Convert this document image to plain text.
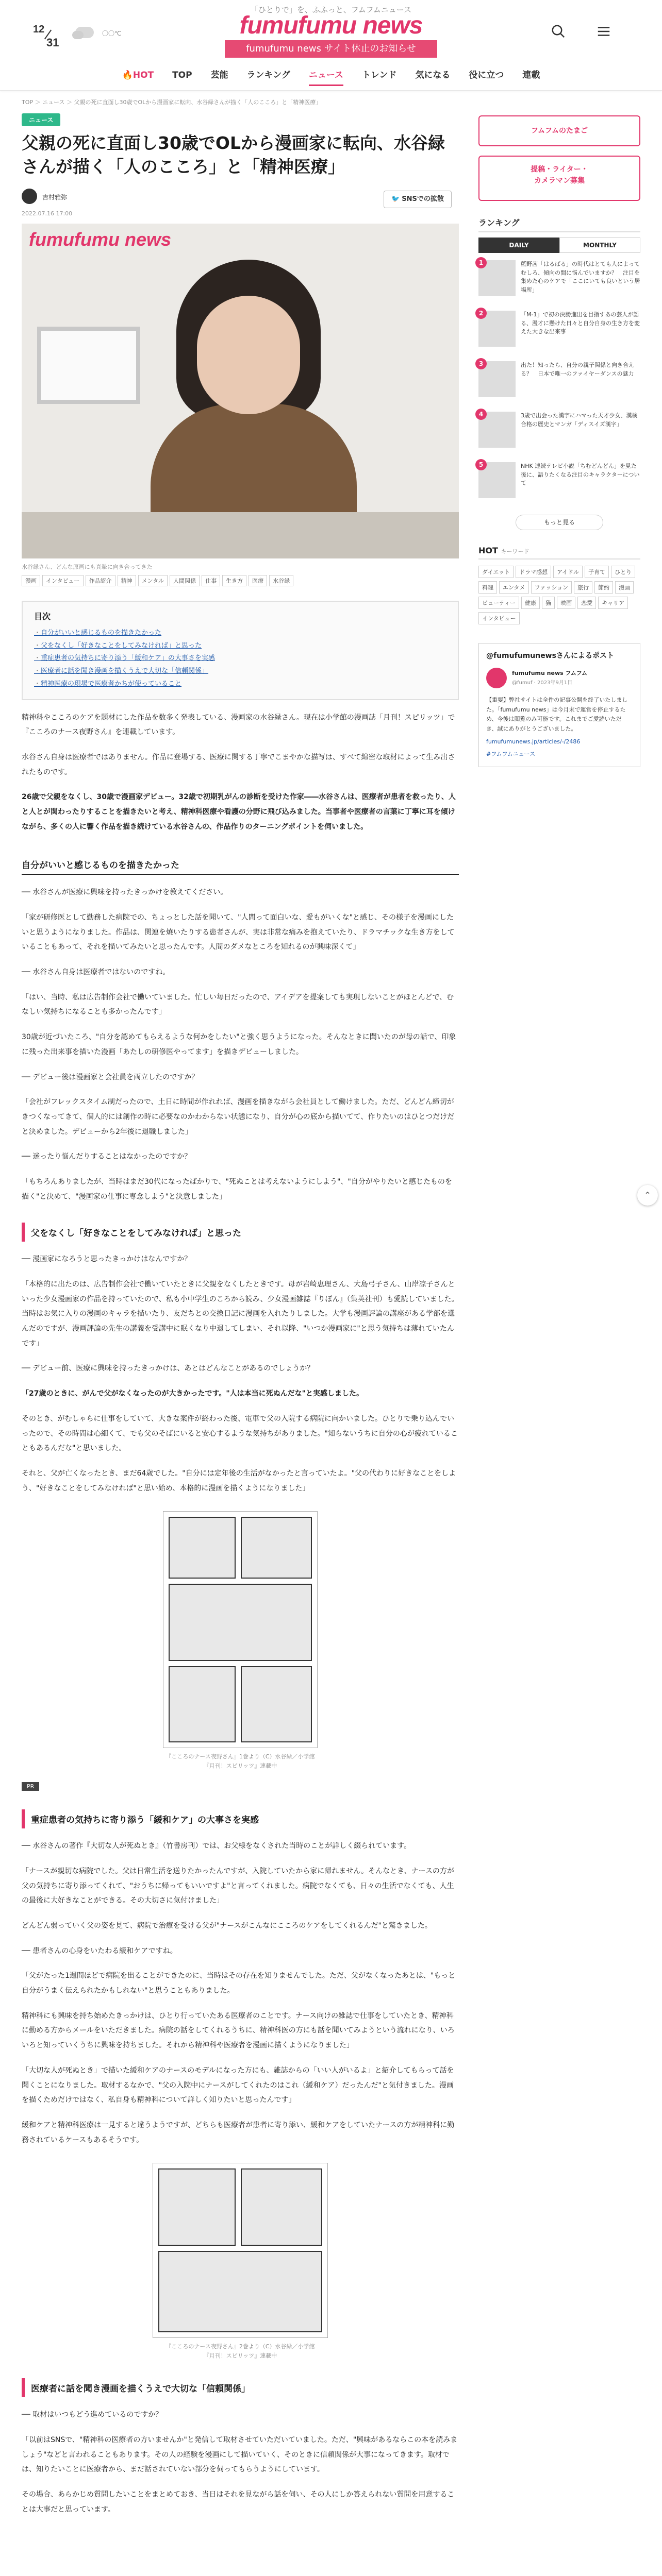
「ひとりで」を、ふふっと、フムフムニュース
12
31
〇〇℃	fumufumu news
fumufumu news サイト休止のお知らせ
🔥HOT TOP 芸能 ランキング ニュース トレンド 気になる 役に立つ 連載
TOP ＞ ニュース ＞ 父親の死に直面し30歳でOLから漫画家に転向、水谷緑さんが描く「人のこころ」と「精神医療」
ニュース
父親の死に直面し30歳でOLから漫画家に転向、水谷緑さんが描く「人のこころ」と「精神医療」
吉村雅弥
2022.07.16 17:00
🐦 SNSでの拡散
fumufumu news
水谷緑さん、どんな原画にも真摯に向き合ってきた
漫画 インタビュー 作品紹介 精神 メンタル 人間関係 仕事 生き方 医療 水谷緑
目次
・ 自分がいいと感じるものを描きたかった
・ 父をなくし「好きなことをしてみなければ」と思った
・ 重症患者の気持ちに寄り添う「緩和ケア」の大事さを実感
・ 医療者に話を聞き漫画を描くうえで大切な「信頼関係」
・ 精神医療の現場で医療者かちが使っていること

精神科やこころのケアを題材にした作品を数多く発表している、漫画家の水谷緑さん。現在は小学館の漫画誌「月刊！スピリッツ」で『こころのナース夜野さん』を連載しています。

水谷さん自身は医療者ではありません。作品に登場する、医療に関する丁寧でこまやかな描写は、すべて綿密な取材によって生み出されたものです。

26歳で父親をなくし、30歳で漫画家デビュー。32歳で初期乳がんの診断を受けた作家――水谷さんは、医療者が患者を救ったり、人と人とが関わったりすることを描きたいと考え、精神科医療や看護の分野に飛び込みました。当事者や医療者の言葉に丁寧に耳を傾けながら、多くの人に響く作品を描き続けている水谷さんの、作品作りのターニングポイントを伺いました。

自分がいいと感じるものを描きたかった

── 水谷さんが医療に興味を持ったきっかけを教えてください。

「家が研修医として勤務した病院での、ちょっとした話を聞いて、"人間って面白いな、愛もがいくな"と感じ、その様子を漫画にしたいと思うようになりました。作品は、関連を焼いたりする患者さんが、実は非常な痛みを抱えていたり、ドラマチックな生き方をしていることもあって、それを描いてみたいと思ったんです。人間のダメなところを知れるのが興味深くて」

── 水谷さん自身は医療者ではないのですね。

「はい、当時、私は広告制作会社で働いていました。忙しい毎日だったので、アイデアを提案しても実現しないことがほとんどで、むなしい気持ちになることも多かったんです」

30歳が近づいたころ、"自分を認めてもらえるような何かをしたい"と強く思うようになった。そんなときに聞いたのが母の話で、印象に残った出来事を描いた漫画「あたしの研修医やってます」を描きデビューしました。

── デビュー後は漫画家と会社員を両立したのですか？

「会社がフレックスタイム制だったので、土日に時間が作れれば、漫画を描きながら会社員として働けました。ただ、どんどん締切がきつくなってきて、個人的には創作の時に必要なのかわからない状態になり、自分が心の底から描いてて、作りたいのはひとつだけだと決めました。デビューから2年後に退職しました」

── 迷ったり悩んだりすることはなかったのですか？

「もちろんありましたが、当時はまだ30代になったばかりで、"死ぬことは考えないようにしよう"、"自分がやりたいと感じたものを描く"と決めて、"漫画家の仕事に専念しよう"と決意しました」

父をなくし「好きなことをしてみなければ」と思った

── 漫画家になろうと思ったきっかけはなんですか？

「本格的に出たのは、広告制作会社で働いていたときに父親をなくしたときです。母が岩崎恵理さん、大島弓子さん、山岸凉子さんといった少女漫画家の作品を持っていたので、私も小中学生のころから読み、少女漫画雑誌『りぼん』（集英社刊）も愛読していました。当時はお気に入りの漫画のキャラを描いたり、友だちとの交換日記に漫画を入れたりしました。大学も漫画評論の講座がある学部を選んだのですが、漫画評論の先生の講義を受講中に眠くなり中退してしまい、それ以降、"いつか漫画家に"と思う気持ちは薄れていたんです」

── デビュー前、医療に興味を持ったきっかけは、あとはどんなことがあるのでしょうか？

「27歳のときに、がんで父がなくなったのが大きかったです。"人は本当に死ぬんだな"と実感しました。

そのとき、がむしゃらに仕事をしていて、大きな案件が終わった後、電車で父の入院する病院に向かいました。ひとりで乗り込んでいったので、その時間は心細くて、でも父のそばにいると安心するような気持ちがありました。"知らないうちに自分の心が疲れていることもあるんだな"と思いました。

それと、父が亡くなったとき、まだ64歳でした。"自分には定年後の生活がなかったと言っていたよ。"父の代わりに好きなことをしよう、"好きなことをしてみなければ"と思い始め、本格的に漫画を描くようになりました」

『こころのナース夜野さん』1巻より（C）水谷緑／小学館
『月刊！スピリッツ』連載中
PR
重症患者の気持ちに寄り添う「緩和ケア」の大事さを実感

── 水谷さんの著作『大切な人が死ぬとき』（竹書房刊）では、お父様をなくされた当時のことが詳しく綴られています。

「ナースが親切な病院でした。父は日常生活を送りたかったんですが、入院していたから家に帰れません。そんなとき、ナースの方が父の気持ちに寄り添ってくれて、"おうちに帰ってもいいですよ"と言ってくれました。病院でなくても、日々の生活でなくても、人生の最後に大好きなことができる。その大切さに気付けました」

どんどん弱っていく父の姿を見て、病院で治療を受ける父が"ナースがこんなにこころのケアをしてくれるんだ"と驚きました。

── 患者さんの心身をいたわる緩和ケアですね。

「父がたった1週間ほどで病院を出ることができたのに、当時はその存在を知りませんでした。ただ、父がなくなったあとは、"もっと自分がうまく伝えられたかもしれない"と思うこともありました。

精神科にも興味を持ち始めたきっかけは、ひとり行っていたある医療者のことです。ナース向けの雑誌で仕事をしていたとき、精神科に勤める方からメールをいただきました。病院の話をしてくれるうちに、精神科医の方にも話を聞いてみようという流れになり、いろいろと知っていくうちに興味を持ちました。それから精神科や医療者を漫画に描くようになりました」

「大切な人が死ぬとき」で描いた緩和ケアのナースのモデルになった方にも、雑誌からの「いい人がいるよ」と紹介してもらって話を聞くことになりました。取材するなかで、"父の入院中にナースがしてくれたのはこれ（緩和ケア）だったんだ"と気付きました。漫画を描くためだけではなく、私自身も精神科について詳しく知りたいと思ったんです」

緩和ケアと精神科医療は一見すると違うようですが、どちらも医療者が患者に寄り添い、緩和ケアをしていたナースの方が精神科に勤務されているケースもあるそうです。

『こころのナース夜野さん』2巻より（C）水谷緑／小学館
『月刊！スピリッツ』連載中
医療者に話を聞き漫画を描くうえで大切な「信頼関係」

── 取材はいつもどう進めているのですか？

「以前はSNSで、"精神科の医療者の方いませんか"と発信して取材させていただいていました。ただ、"興味があるならこの本を読みましょう"などと言われることもあります。その人の経験を漫画にして描いていく、そのときに信頼関係が大事になってきます。取材では、知りたいことに医療者から、まだ話されていない部分を伺ってもらうようにしています。

その場合、あらかじめ質問したいことをまとめておき、当日はそれを見ながら話を伺い、その人にしか答えられない質問を用意することは大事だと思っています。

フムフムのたまご
提稿・ライター・
カメラマン募集
ランキング
DAILY	MONTHLY
1	藍野茜「はるばる」の時代はとても人によってむしろ、傾向の間に悩んでいますか？　注目を集めた心のケアで「ここにいても良いという居場所」
2	「M-1」で初の決勝進出を目指すあの芸人が語る、漫才に懸けた日々と自分自身の生き方を変えた大きな出来事
3	出た！知ったら、自分の親子関係と向き合える？　日本で唯一のファイヤーダンスの魅力
4	3歳で出会った漢字にハマった天才少女、漢検合格の歴史とマンガ「ディスイズ漢字」
5	NHK 連続テレビ小説「ちむどんどん」を見た後に、語りたくなる注目のキャラクターについて
もっと見る
HOT キーワード
ダイエット ドラマ感想 アイドル 子育て ひとり料理 エンタメ ファッション 旅行 節約 漫画ビューティー 健康 猫 映画 恋愛 キャリアインタビュー
@fumufumunewsさんによるポスト
fumufumu news フムフム
@fumuf · 2023年9月1日
【重要】弊社サイトは全件の記事公開を終了いたしました。「fumufumu news」は今月末で運営を停止するため、今後は閲覧のみ可能です。これまでご愛読いただき、誠にありがとうございました。
fumufumunews.jp/articles/-/2486
#フムフムニュース
⌃
